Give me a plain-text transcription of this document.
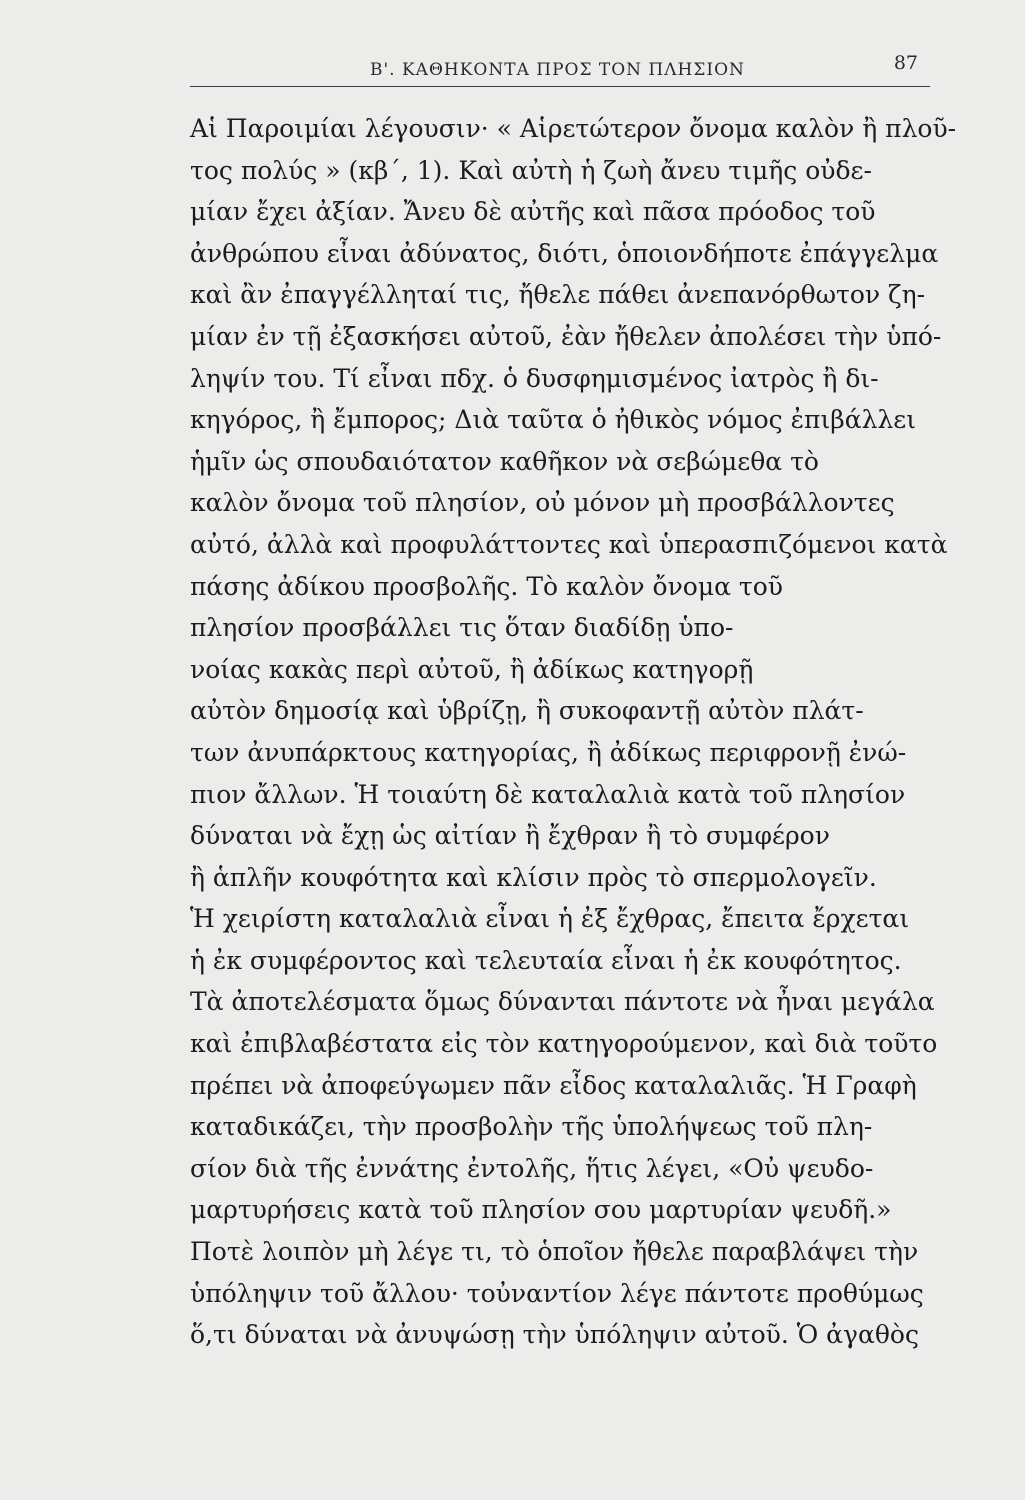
Β'. ΚΑΘΗΚΟΝΤΑ ΠΡΟΣ ΤΟΝ ΠΛΗΣΙΟΝ	87
Αἱ Παροιμίαι λέγουσιν· « Αἱρετώτερον ὄνομα καλὸν ἢ πλοῦ-
τος πολύς » (κβ΄, 1). Καὶ αὐτὴ ἡ ζωὴ ἄνευ τιμῆς οὐδε-
μίαν ἔχει ἀξίαν. Ἄνευ δὲ αὐτῆς καὶ πᾶσα πρόοδος τοῦ
ἀνθρώπου εἶναι ἀδύνατος, διότι, ὁποιονδήποτε ἐπάγγελμα
καὶ ἂν ἐπαγγέλληταί τις, ἤθελε πάθει ἀνεπανόρθωτον ζη-
μίαν ἐν τῇ ἐξασκήσει αὐτοῦ, ἐὰν ἤθελεν ἀπολέσει τὴν ὑπό-
ληψίν του. Τί εἶναι πδχ. ὁ δυσφημισμένος ἰατρὸς ἢ δι-
κηγόρος, ἢ ἔμπορος; Διὰ ταῦτα ὁ ἠθικὸς νόμος ἐπιβάλλει
ἡμῖν ὡς σπουδαιότατον καθῆκον νὰ σεβώμεθα τὸ
καλὸν ὄνομα τοῦ πλησίον, οὐ μόνον μὴ προσβάλλοντες
αὐτό, ἀλλὰ καὶ προφυλάττοντες καὶ ὑπερασπιζόμενοι κατὰ
πάσης ἀδίκου προσβολῆς. Τὸ καλὸν ὄνομα τοῦ
πλησίον προσβάλλει τις ὅταν διαδίδῃ ὑπο-
νοίας κακὰς περὶ αὐτοῦ, ἢ ἀδίκως κατηγορῇ
αὐτὸν δημοσίᾳ καὶ ὑβρίζῃ, ἢ συκοφαντῇ αὐτὸν πλάτ-
των ἀνυπάρκτους κατηγορίας, ἢ ἀδίκως περιφρονῇ ἐνώ-
πιον ἄλλων. Ἡ τοιαύτη δὲ καταλαλιὰ κατὰ τοῦ πλησίον
δύναται νὰ ἔχῃ ὡς αἰτίαν ἢ ἔχθραν ἢ τὸ συμφέρον
ἢ ἁπλῆν κουφότητα καὶ κλίσιν πρὸς τὸ σπερμολογεῖν.
Ἡ χειρίστη καταλαλιὰ εἶναι ἡ ἐξ ἔχθρας, ἔπειτα ἔρχεται
ἡ ἐκ συμφέροντος καὶ τελευταία εἶναι ἡ ἐκ κουφότητος.
Τὰ ἀποτελέσματα ὅμως δύνανται πάντοτε νὰ ἦναι μεγάλα
καὶ ἐπιβλαβέστατα εἰς τὸν κατηγορούμενον, καὶ διὰ τοῦτο
πρέπει νὰ ἀποφεύγωμεν πᾶν εἶδος καταλαλιᾶς. Ἡ Γραφὴ
καταδικάζει, τὴν προσβολὴν τῆς ὑπολήψεως τοῦ πλη-
σίον διὰ τῆς ἐννάτης ἐντολῆς, ἥτις λέγει, «Οὐ ψευδο-
μαρτυρήσεις κατὰ τοῦ πλησίον σου μαρτυρίαν ψευδῆ.»
Ποτὲ λοιπὸν μὴ λέγε τι, τὸ ὁποῖον ἤθελε παραβλάψει τὴν
ὑπόληψιν τοῦ ἄλλου· τοὐναντίον λέγε πάντοτε προθύμως
ὅ,τι δύναται νὰ ἀνυψώσῃ τὴν ὑπόληψιν αὐτοῦ. Ὁ ἀγαθὸς
